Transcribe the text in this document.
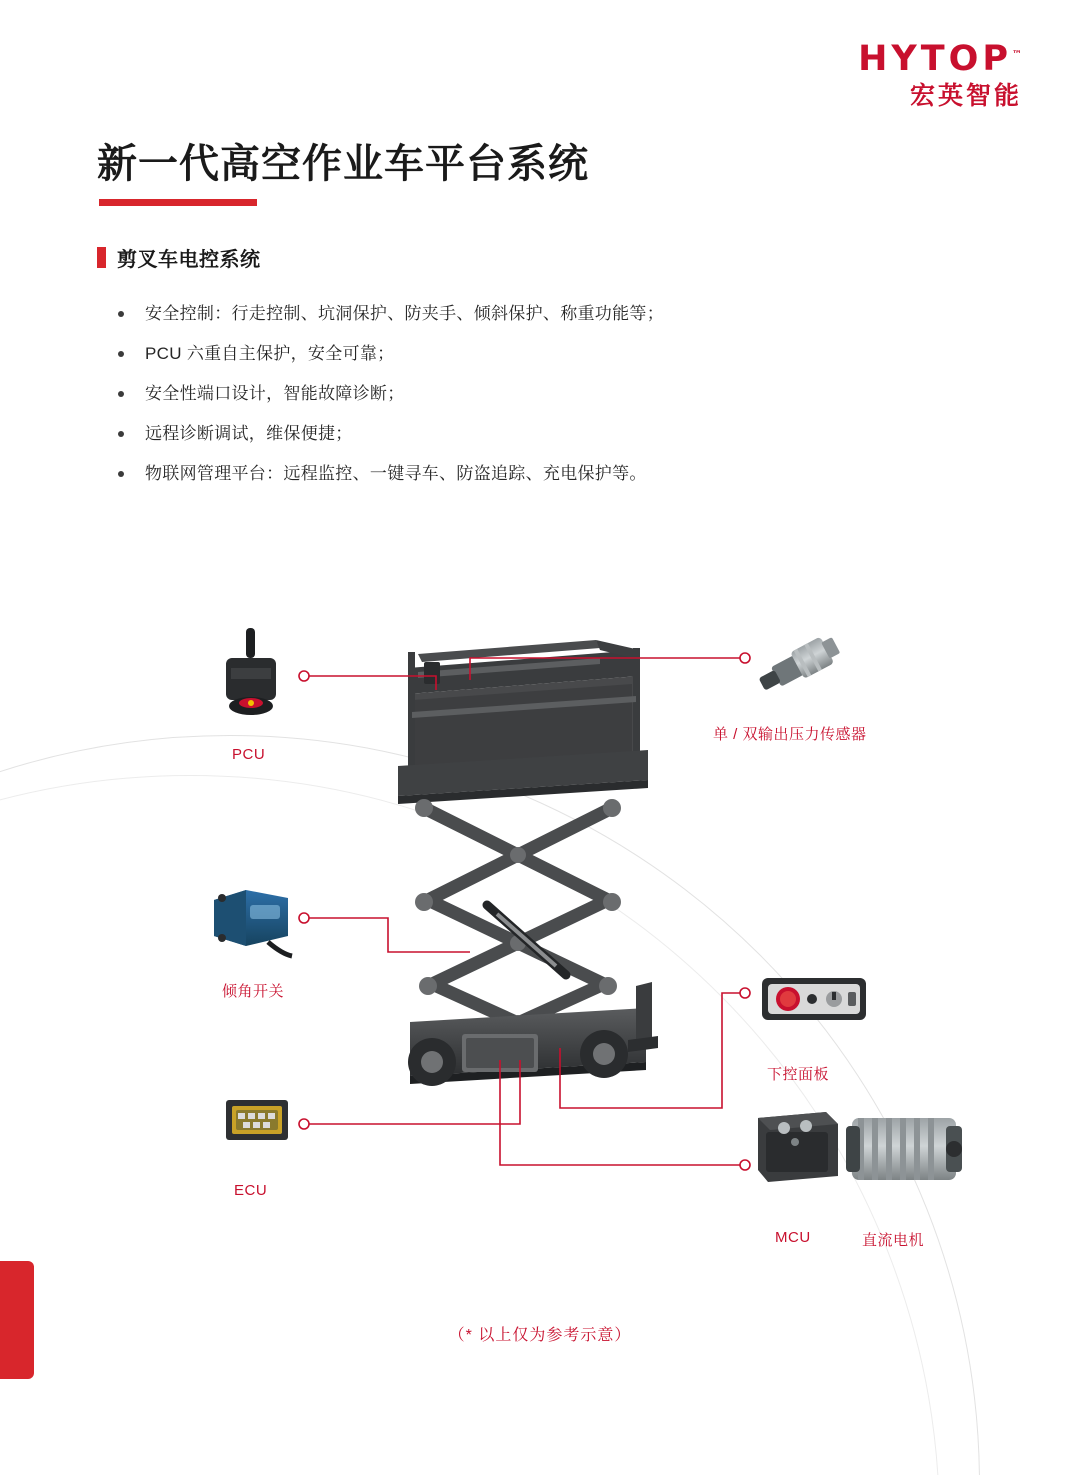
HYTOP™
宏英智能
新一代高空作业车平台系统
剪叉车电控系统
安全控制：行走控制、坑洞保护、防夹手、倾斜保护、称重功能等；
PCU 六重自主保护，安全可靠；
安全性端口设计，智能故障诊断；
远程诊断调试，维保便捷；
物联网管理平台：远程监控、一键寻车、防盗追踪、充电保护等。
PCU
倾角开关
ECU
单 / 双输出压力传感器
下控面板
MCU	直流电机
（* 以上仅为参考示意）
